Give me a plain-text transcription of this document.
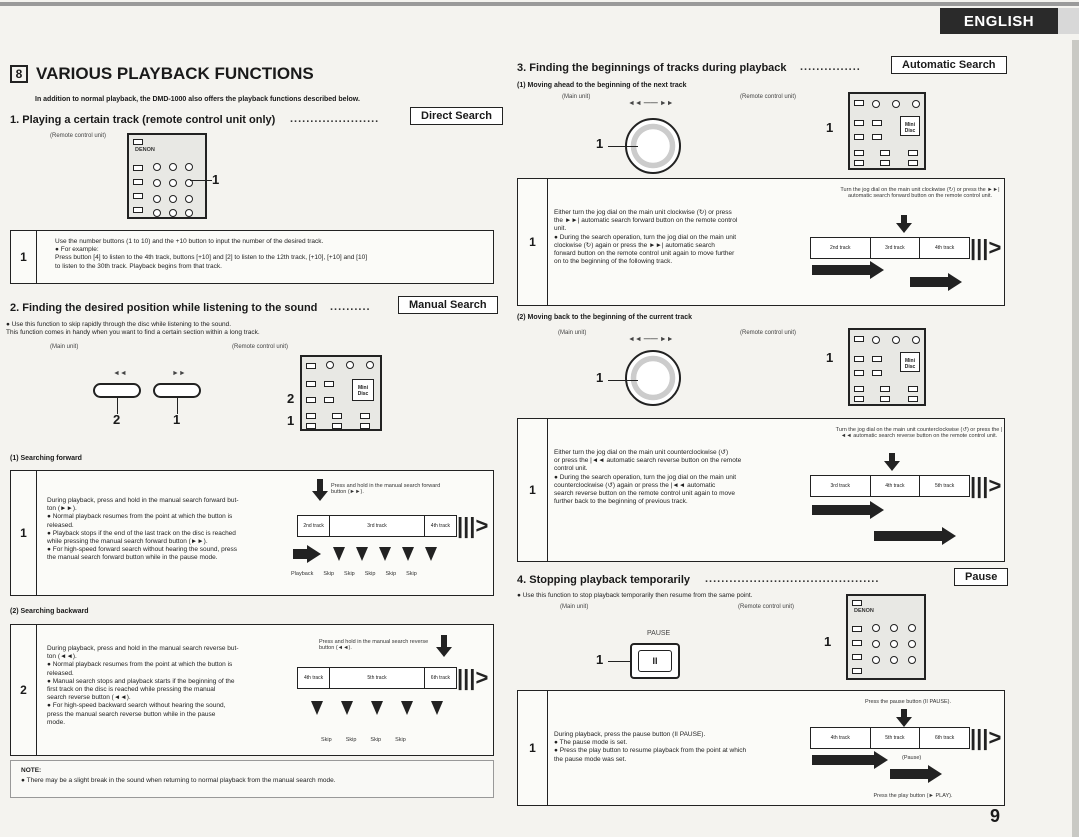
ENGLISH
8 VARIOUS PLAYBACK FUNCTIONS
In addition to normal playback, the DMD-1000 also offers the playback functions described below.
1. Playing a certain track (remote control unit only) ......................	Direct Search
(Remote control unit)
DENON
1
1
Use the number buttons (1 to 10) and the +10 button to input the number of the desired track.
● For example:
Press button [4] to listen to the 4th track, buttons [+10] and [2] to listen to the 12th track, [+10], [+10] and [10]
to listen to the 30th track. Playback begins from that track.
2. Finding the desired position while listening to the sound ..........	Manual Search
● Use this function to skip rapidly through the disc while listening to the sound.
This function comes in handy when you want to find a certain section within a long track.
(Main unit)	(Remote control unit)
◄◄	►►
2	1
Mini Disc
2
1
(1) Searching forward
1
During playback, press and hold in the manual search forward but-
ton (►►).
● Normal playback resumes from the point at which the button is
released.
● Playback stops if the end of the last track on the disc is reached
while pressing the manual search forward button (►►).
● For high-speed forward search without hearing the sound, press
the manual search forward button while in the pause mode.
Press and hold in the manual search forward button (►►).
2nd track	3rd track	4th track |||>
Playback Skip Skip Skip Skip Skip
(2) Searching backward
2
During playback, press and hold in the manual search reverse but-
ton (◄◄).
● Normal playback resumes from the point at which the button is
released.
● Manual search stops and playback starts if the beginning of the
first track on the disc is reached while pressing the manual
search reverse button (◄◄).
● For high-speed backward search without hearing the sound,
press the manual search reverse button while in the pause
mode.
Press and hold in the manual search reverse button (◄◄).
4th track	5th track	6th track |||>
Skip	Skip	Skip	Skip
NOTE:
● There may be a slight break in the sound when returning to normal playback from the manual search mode.
3. Finding the beginnings of tracks during playback ...............	Automatic Search
(1) Moving ahead to the beginning of the next track
(Main unit)	(Remote control unit)
◄◄ —— ►►
1
Mini Disc
1
1
Either turn the jog dial on the main unit clockwise (↻) or press
the ►►| automatic search forward button on the remote control
unit.
● During the search operation, turn the jog dial on the main unit
clockwise (↻) again or press the ►►| automatic search
forward button on the remote control unit again to move further
on to the beginning of the following track.
Turn the jog dial on the main unit clockwise (↻) or press the ►►| automatic search forward button on the remote control unit.
2nd track	3rd track	4th track |||>
(2) Moving back to the beginning of the current track
(Main unit)	(Remote control unit)
◄◄ —— ►►
1
Mini Disc
1
1
Either turn the jog dial on the main unit counterclockwise (↺)
or press the |◄◄ automatic search reverse button on the remote
control unit.
● During the search operation, turn the jog dial on the main unit
counterclockwise (↺) again or press the |◄◄ automatic
search reverse button on the remote control unit again to move
further back to the beginning of previous track.
Turn the jog dial on the main unit counterclockwise (↺) or press the |◄◄ automatic search reverse button on the remote control unit.
3rd track	4th track	5th track |||>
4. Stopping playback temporarily ...........................................	Pause
● Use this function to stop playback temporarily then resume from the same point.
(Main unit)	(Remote control unit)
PAUSE
II
1
DENON
1
1
During playback, press the pause button (II PAUSE).
● The pause mode is set.
● Press the play button to resume playback from the point at which
the pause mode was set.
Press the pause button (II PAUSE).
4th track	5th track	6th track |||>
(Pause)
Press the play button (► PLAY).
9
